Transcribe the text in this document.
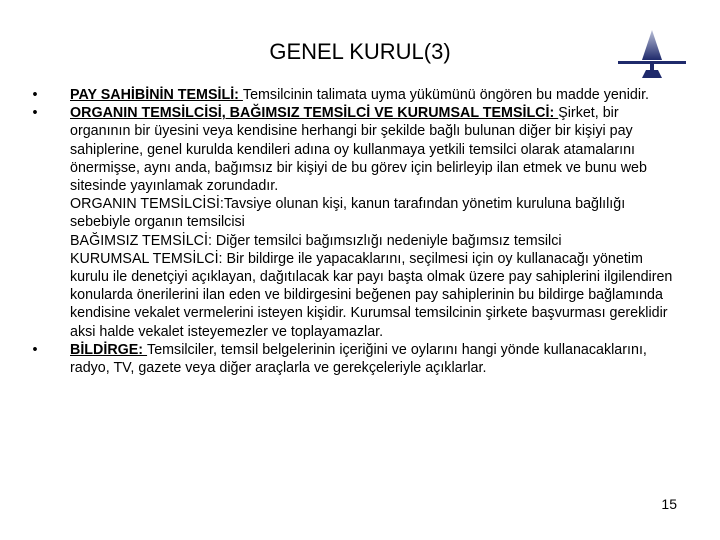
GENEL KURUL(3)
• PAY SAHİBİNİN TEMSİLİ: Temsilcinin talimata uyma yükümünü öngören bu madde yenidir.
• ORGANIN TEMSİLCİSİ, BAĞIMSIZ TEMSİLCİ VE KURUMSAL TEMSİLCİ: Şirket, bir organının bir üyesini veya kendisine herhangi bir şekilde bağlı bulunan diğer bir kişiyi pay sahiplerine, genel kurulda kendileri adına oy kullanmaya yetkili temsilci olarak atamalarını önermişse, aynı anda, bağımsız bir kişiyi de bu görev için belirleyip ilan etmek ve bunu web sitesinde yayınlamak zorundadır.
ORGANIN TEMSİLCİSİ:Tavsiye olunan kişi, kanun tarafından yönetim kuruluna bağlılığı sebebiyle organın temsilcisi
BAĞIMSIZ TEMSİLCİ: Diğer temsilci bağımsızlığı nedeniyle bağımsız temsilci
KURUMSAL TEMSİLCİ: Bir bildirge ile yapacaklarını, seçilmesi için oy kullanacağı yönetim kurulu ile denetçiyi açıklayan, dağıtılacak kar payı başta olmak üzere pay sahiplerini ilgilendiren konularda önerilerini ilan eden ve bildirgesini beğenen pay sahiplerinin bu bildirge bağlamında kendisine vekalet vermelerini isteyen kişidir. Kurumsal temsilcinin şirkete başvurması gereklidir aksi halde vekalet isteyemezler ve toplayamazlar.
• BİLDİRGE: Temsilciler, temsil belgelerinin içeriğini ve oylarını hangi yönde kullanacaklarını, radyo, TV, gazete veya diğer araçlarla ve gerekçeleriyle açıklarlar.
15
